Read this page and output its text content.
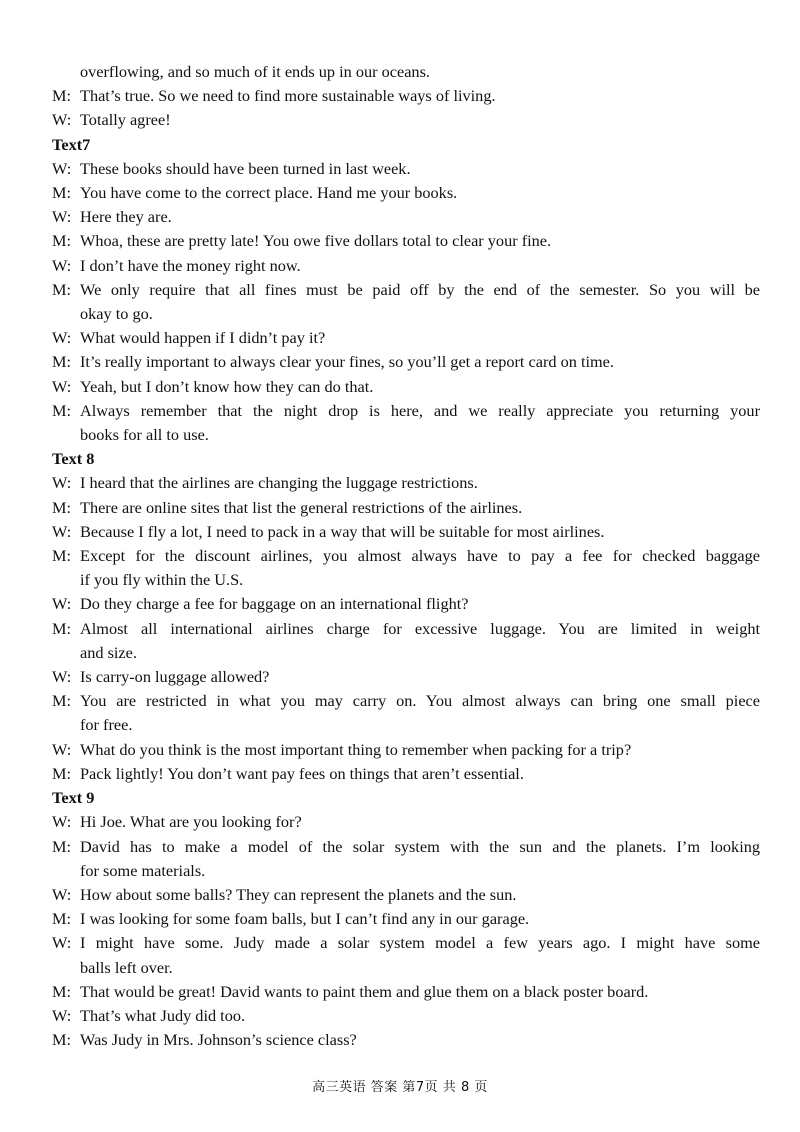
overflowing, and so much of it ends up in our oceans.
M: That’s true. So we need to find more sustainable ways of living.
W: Totally agree!
Text7
W: These books should have been turned in last week.
M: You have come to the correct place. Hand me your books.
W: Here they are.
M: Whoa, these are pretty late! You owe five dollars total to clear your fine.
W: I don’t have the money right now.
M: We only require that all fines must be paid off by the end of the semester. So you will be
okay to go.
W: What would happen if I didn’t pay it?
M: It’s really important to always clear your fines, so you’ll get a report card on time.
W: Yeah, but I don’t know how they can do that.
M: Always remember that the night drop is here, and we really appreciate you returning your
books for all to use.
Text 8
W: I heard that the airlines are changing the luggage restrictions.
M: There are online sites that list the general restrictions of the airlines.
W: Because I fly a lot, I need to pack in a way that will be suitable for most airlines.
M: Except for the discount airlines, you almost always have to pay a fee for checked baggage
if you fly within the U.S.
W: Do they charge a fee for baggage on an international flight?
M: Almost all international airlines charge for excessive luggage. You are limited in weight
and size.
W: Is carry-on luggage allowed?
M: You are restricted in what you may carry on. You almost always can bring one small piece
for free.
W: What do you think is the most important thing to remember when packing for a trip?
M: Pack lightly! You don’t want pay fees on things that aren’t essential.
Text 9
W: Hi Joe. What are you looking for?
M: David has to make a model of the solar system with the sun and the planets. I’m looking
for some materials.
W: How about some balls? They can represent the planets and the sun.
M: I was looking for some foam balls, but I can’t find any in our garage.
W: I might have some. Judy made a solar system model a few years ago. I might have some
balls left over.
M: That would be great! David wants to paint them and glue them on a black poster board.
W: That’s what Judy did too.
M: Was Judy in Mrs. Johnson’s science class?
高三英语 答案 第7页 共 8 页
